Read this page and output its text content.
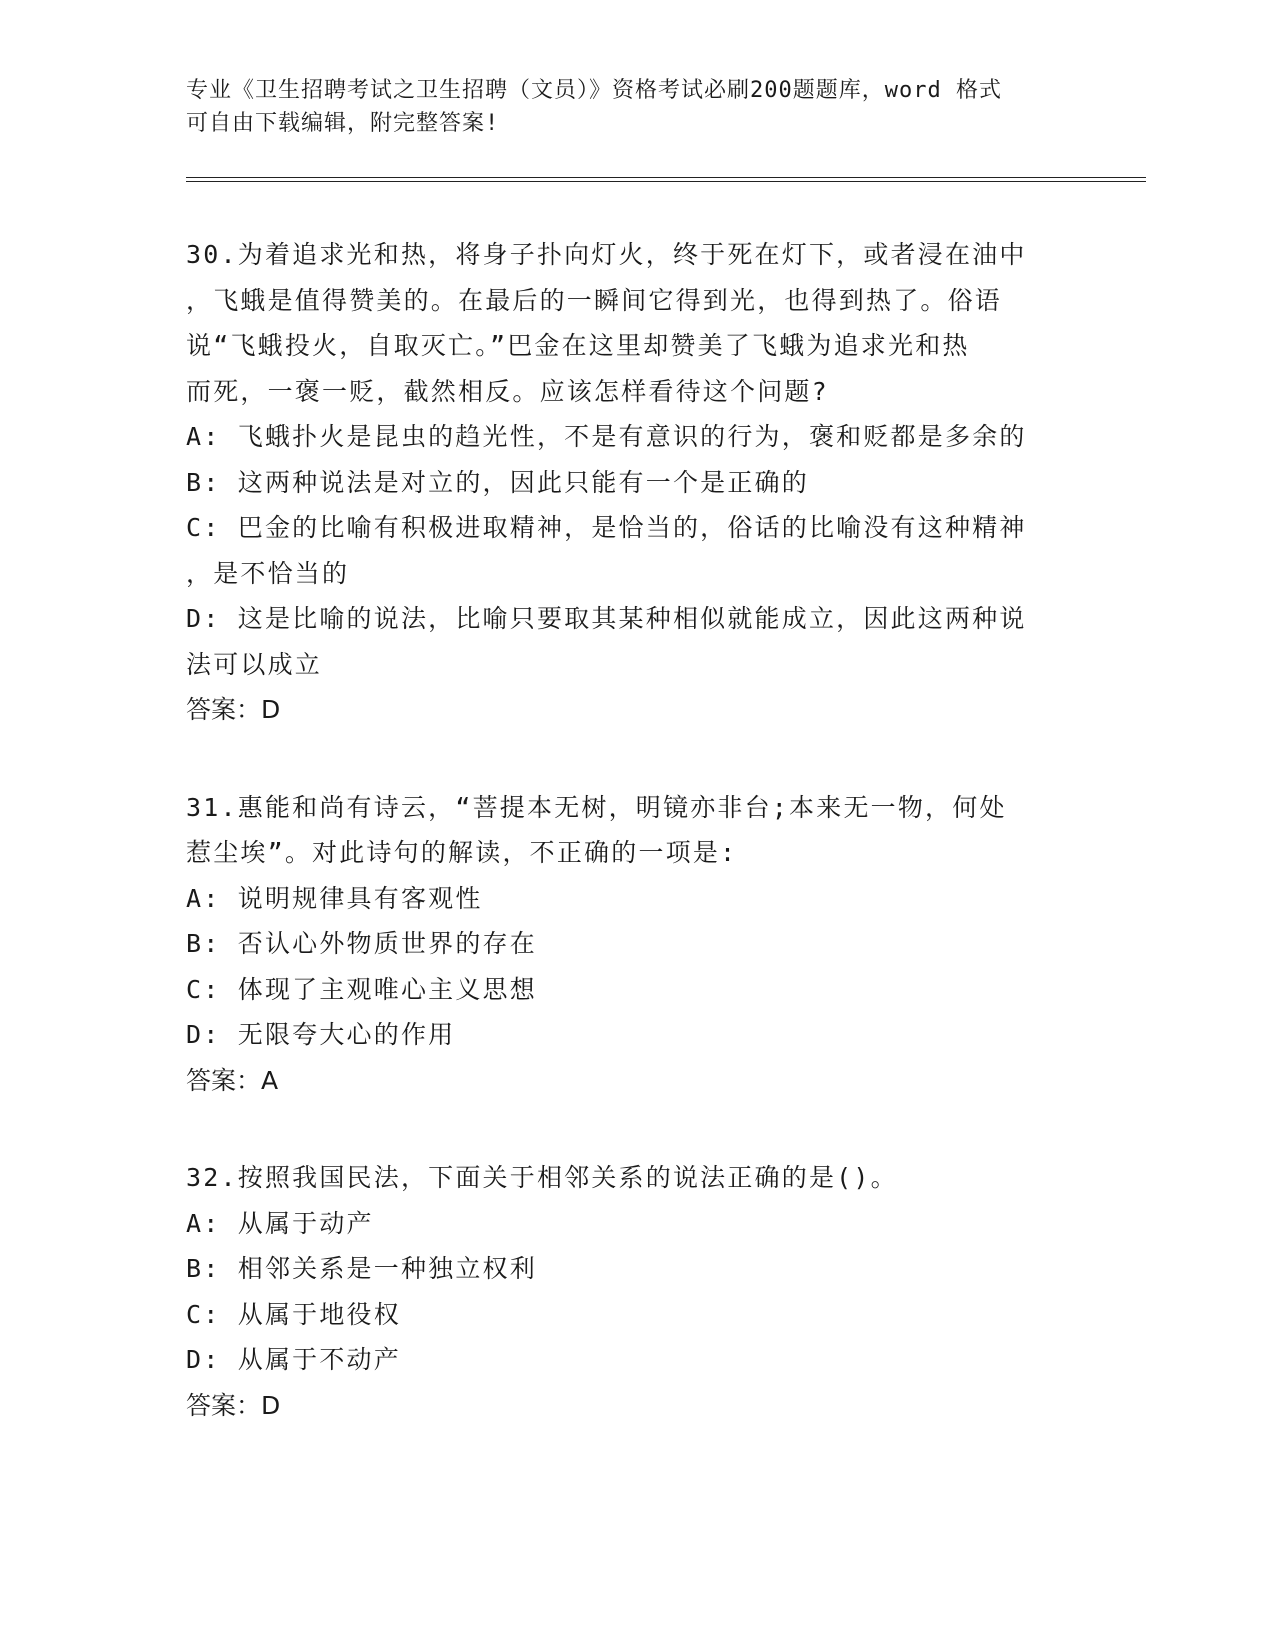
专业《卫生招聘考试之卫生招聘（文员）》资格考试必刷200题题库，word 格式
可自由下载编辑，附完整答案!

30.为着追求光和热，将身子扑向灯火，终于死在灯下，或者浸在油中

，飞蛾是值得赞美的。在最后的一瞬间它得到光，也得到热了。俗语

说“飞蛾投火，自取灭亡。”巴金在这里却赞美了飞蛾为追求光和热

而死，一褒一贬，截然相反。应该怎样看待这个问题?

A: 飞蛾扑火是昆虫的趋光性，不是有意识的行为，褒和贬都是多余的

B: 这两种说法是对立的，因此只能有一个是正确的

C: 巴金的比喻有积极进取精神，是恰当的，俗话的比喻没有这种精神

，是不恰当的

D: 这是比喻的说法，比喻只要取其某种相似就能成立，因此这两种说

法可以成立

答案：D

31.惠能和尚有诗云，“菩提本无树，明镜亦非台;本来无一物，何处

惹尘埃”。对此诗句的解读，不正确的一项是:

A: 说明规律具有客观性

B: 否认心外物质世界的存在

C: 体现了主观唯心主义思想

D: 无限夸大心的作用

答案：A

32.按照我国民法，下面关于相邻关系的说法正确的是()。

A: 从属于动产

B: 相邻关系是一种独立权利

C: 从属于地役权

D: 从属于不动产

答案：D
